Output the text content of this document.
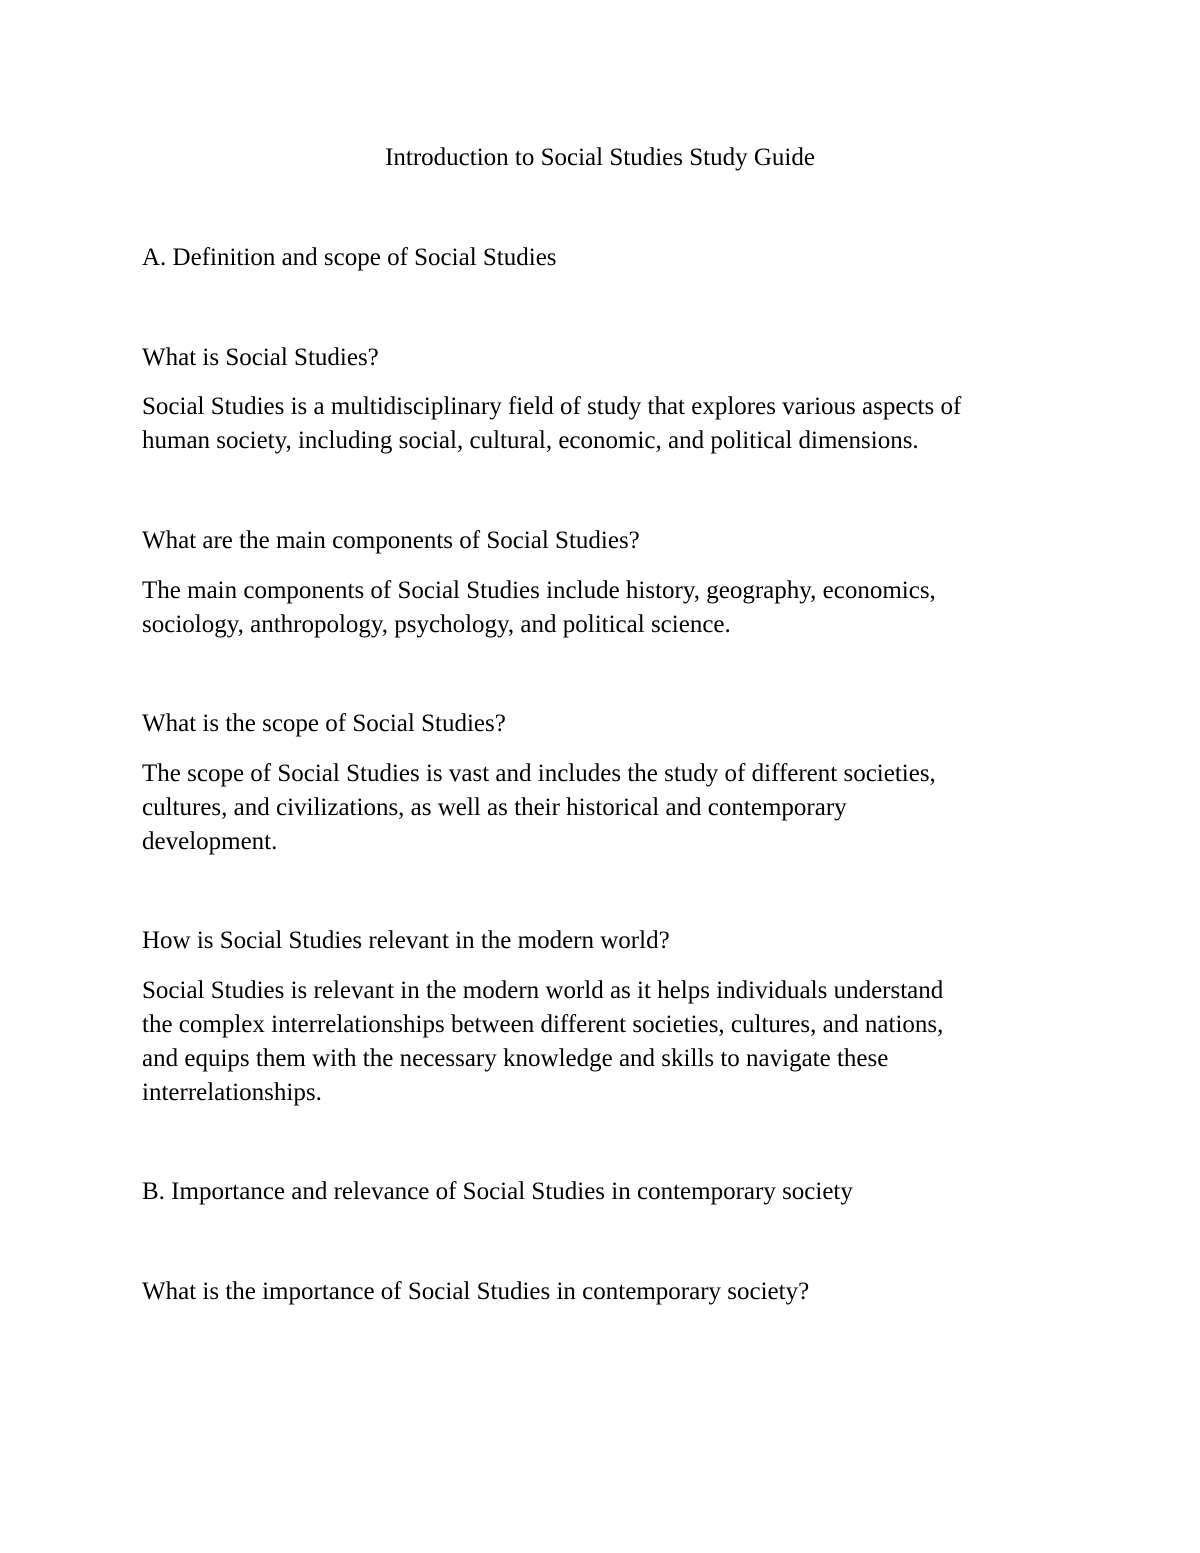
Introduction to Social Studies Study Guide

A. Definition and scope of Social Studies

What is Social Studies?

Social Studies is a multidisciplinary field of study that explores various aspects of

human society, including social, cultural, economic, and political dimensions.

What are the main components of Social Studies?

The main components of Social Studies include history, geography, economics,

sociology, anthropology, psychology, and political science.

What is the scope of Social Studies?

The scope of Social Studies is vast and includes the study of different societies,

cultures, and civilizations, as well as their historical and contemporary

development.

How is Social Studies relevant in the modern world?

Social Studies is relevant in the modern world as it helps individuals understand

the complex interrelationships between different societies, cultures, and nations,

and equips them with the necessary knowledge and skills to navigate these

interrelationships.

B. Importance and relevance of Social Studies in contemporary society

What is the importance of Social Studies in contemporary society?
